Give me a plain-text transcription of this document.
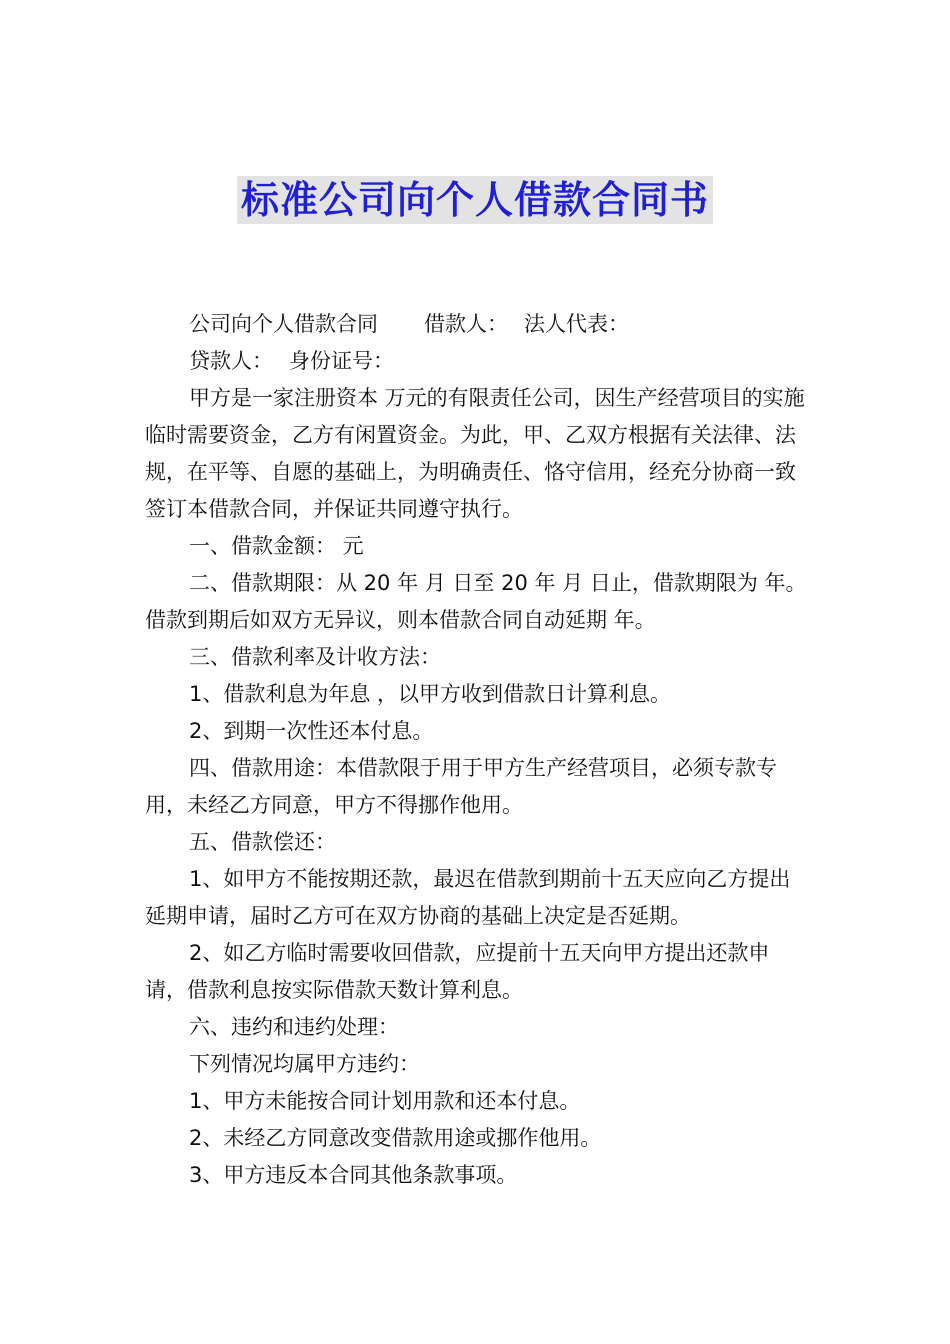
标准公司向个人借款合同书

公司向个人借款合同 借款人： 法人代表：

贷款人： 身份证号：

甲方是一家注册资本 万元的有限责任公司，因生产经营项目的实施临时需要资金，乙方有闲置资金。为此，甲、乙双方根据有关法律、法规，在平等、自愿的基础上，为明确责任、恪守信用，经充分协商一致签订本借款合同，并保证共同遵守执行。

一、借款金额： 元

二、借款期限：从 20 年 月 日至 20 年 月 日止，借款期限为 年。借款到期后如双方无异议，则本借款合同自动延期 年。

三、借款利率及计收方法：

1、借款利息为年息 ，以甲方收到借款日计算利息。

2、到期一次性还本付息。

四、借款用途：本借款限于用于甲方生产经营项目，必须专款专用，未经乙方同意，甲方不得挪作他用。

五、借款偿还：

1、如甲方不能按期还款，最迟在借款到期前十五天应向乙方提出延期申请，届时乙方可在双方协商的基础上决定是否延期。

2、如乙方临时需要收回借款，应提前十五天向甲方提出还款申请，借款利息按实际借款天数计算利息。

六、违约和违约处理：

下列情况均属甲方违约：

1、甲方未能按合同计划用款和还本付息。

2、未经乙方同意改变借款用途或挪作他用。

3、甲方违反本合同其他条款事项。
